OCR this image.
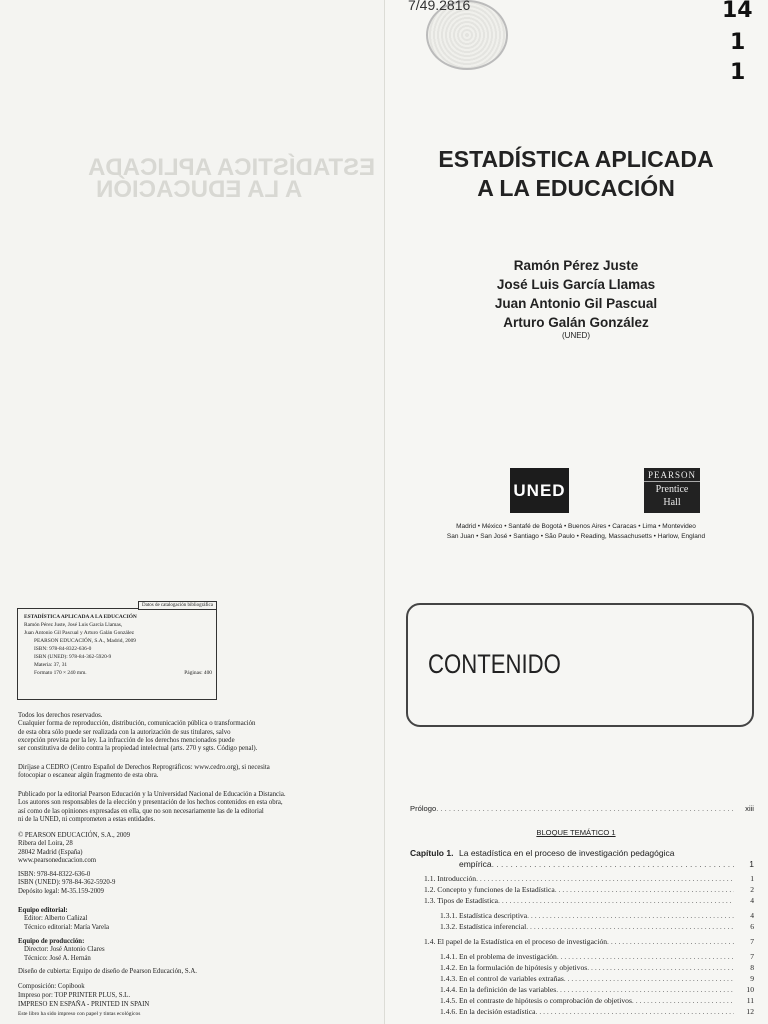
ESTADÍSTICA APLICADA
A LA EDUCACIÓN
Datos de catalogación bibliográfica
ESTADÍSTICA APLICADA A LA EDUCACIÓN
Ramón Pérez Juste, José Luis García Llamas,
Juan Antonio Gil Pascual y Arturo Galán González
PEARSON EDUCACIÓN, S.A., Madrid, 2009
ISBN: 978-84-8322-636-0
ISBN (UNED): 978-84-362-5920-9
Materia: 37, 31
Formato 170 × 240 mm.	Páginas: 400
Todos los derechos reservados.
Cualquier forma de reproducción, distribución, comunicación pública o transformación
de esta obra sólo puede ser realizada con la autorización de sus titulares, salvo
excepción prevista por la ley. La infracción de los derechos mencionados puede
ser constitutiva de delito contra la propiedad intelectual (arts. 270 y sgts. Código penal).
Diríjase a CEDRO (Centro Español de Derechos Reprográficos: www.cedro.org), si necesita
fotocopiar o escanear algún fragmento de esta obra.
Publicado por la editorial Pearson Educación y la Universidad Nacional de Educación a Distancia.
Los autores son responsables de la elección y presentación de los hechos contenidos en esta obra,
así como de las opiniones expresadas en ella, que no son necesariamente las de la editorial
ni de la UNED, ni comprometen a estas entidades.
© PEARSON EDUCACIÓN, S.A., 2009
Ribera del Loira, 28
28042 Madrid (España)
www.pearsoneducacion.com
ISBN: 978-84-8322-636-0
ISBN (UNED): 978-84-362-5920-9
Depósito legal: M-35.159-2009
Equipo editorial:
Editor: Alberto Cañizal
Técnico editorial: María Varela
Equipo de producción:
Director: José Antonio Clares
Técnico: José A. Hernán
Diseño de cubierta: Equipo de diseño de Pearson Educación, S.A.
Composición: Copibook
Impreso por: TOP PRINTER PLUS, S.L.
IMPRESO EN ESPAÑA - PRINTED IN SPAIN
Este libro ha sido impreso con papel y tintas ecológicos
7/49.2816	14
1
1
ESTADÍSTICA APLICADA
A LA EDUCACIÓN
Ramón Pérez Juste
José Luis García Llamas
Juan Antonio Gil Pascual
Arturo Galán González
(UNED)
UNED
PEARSON
Prentice
Hall
Madrid • México • Santafé de Bogotá • Buenos Aires • Caracas • Lima • Montevideo
San Juan • San José • Santiago • São Paulo • Reading, Massachusetts • Harlow, England
CONTENIDO
Prólogo . . .	xiii
BLOQUE TEMÁTICO 1
Capítulo 1. La estadística en el proceso de investigación pedagógica
empírica . . .	1
1.1. Introducción . . .	1
1.2. Concepto y funciones de la Estadística . . .	2
1.3. Tipos de Estadística . . .	4
1.3.1. Estadística descriptiva . . .	4
1.3.2. Estadística inferencial . . .	6
1.4. El papel de la Estadística en el proceso de investigación . . .	7
1.4.1. En el problema de investigación . . .	7
1.4.2. En la formulación de hipótesis y objetivos . . .	8
1.4.3. En el control de variables extrañas . . .	9
1.4.4. En la definición de las variables . . .	10
1.4.5. En el contraste de hipótesis o comprobación de objetivos . . .	11
1.4.6. En la decisión estadística . . .	12
